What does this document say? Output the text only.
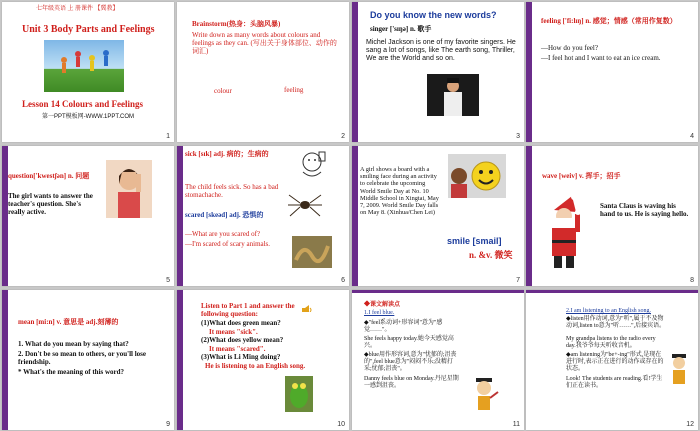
七年级英语 上 册课件 【冀教】
Unit 3 Body Parts and Feelings
Lesson 14 Colours and Feelings
第一PPT模板网-WWW.1PPT.COM
1
Brainstorm(热身：头脑风暴)
Write down as many words about colours and feelings as they can. (写出关于身体部位、动作的词汇)
colour	feeling
2
Do you know the new words?
singer ['sɪŋə] n. 歌手
Michel Jackson is one of my favorite singers. He sang a lot of songs, like The earth song, Thriller, We are the World and so on.
3
feeling ['fi:lɪŋ] n. 感觉；情感（常用作复数）
—How do you feel?
—I feel hot and I want to eat an ice cream.
4
question['kwestʃən] n. 问题
The girl wants to answer the teacher's question. She's really active.
5
sick [sɪk] adj. 病的；生病的
The child feels sick. So has a bad stomachache.
scared [skeəd] adj. 恐惧的
—What are you scared of?
—I'm scared of scary animals.
6
A girl shows a board with a smiling face during an activity to celebrate the upcoming World Smile Day at No. 10 Middle School in Xingtai, May 7, 2009. World Smile Day falls on May 8. (Xinhua/Chen Lei)
smile [smail]
n. &v. 微笑
7
wave [weiv] v. 挥手；招手
Santa Claus is waving his hand to us. He is saying hello.
8
mean [mi:n] v. 意思是 adj.刻薄的
1. What do you mean by saying that?
2. Don't be so mean to others, or you'll lose friendship.
* What's the meaning of this word?
9
Listen to Part 1 and answer the following question:
(1)What does green mean?
It means "sick".
(2)What does yellow mean?
It means "scared".
(3)What is Li Ming doing?
He is listening to an English song.
10
◆课文解读点
1.I feel blue.
◆"feel系动词+形容词"意为"感觉……"。
She feels happy today.她今天感觉高兴。
◆blue用作形容词,意为"忧郁的;沮丧的",feel blue意为"闷闷不乐;没精打采;忧郁;沮丧"。
Danny feels blue on Monday.丹尼星期一感到沮丧。
11
2.I am listening to an English song.
◆listen用作动词,意为"听",属于不及物动词,listen to意为"听……",后接宾语。
My grandpa listens to the radio every day.我爷爷每天听收音机。
◆am listening为"be+-ing"形式,是现在进行时,表示正在进行的动作或存在的状态。
Look! The students are reading.看!学生们正在读书。
12
